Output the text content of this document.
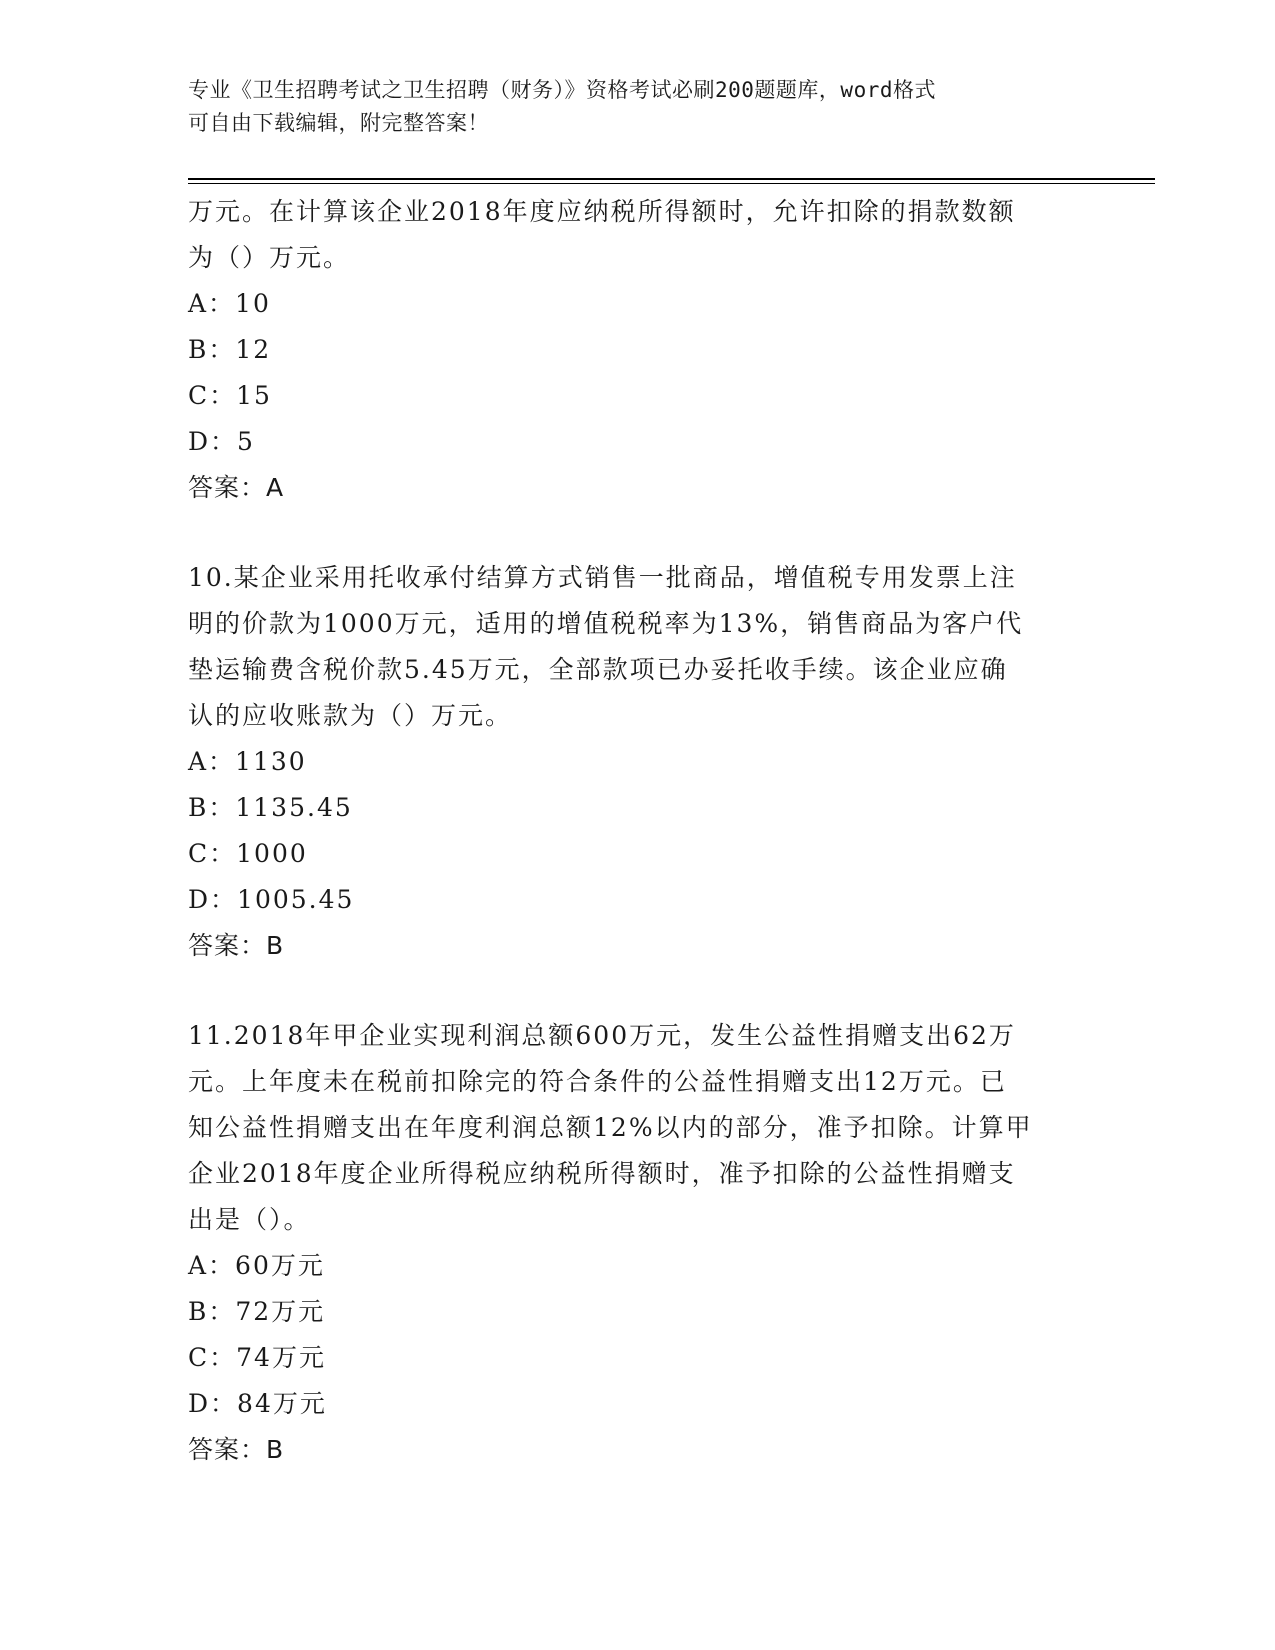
专业《卫生招聘考试之卫生招聘（财务）》资格考试必刷200题题库，word格式
可自由下载编辑，附完整答案！
万元。在计算该企业2018年度应纳税所得额时，允许扣除的捐款数额
为（）万元。
A：10
B：12
C：15
D：5
答案：A
10.某企业采用托收承付结算方式销售一批商品，增值税专用发票上注
明的价款为1000万元，适用的增值税税率为13%，销售商品为客户代
垫运输费含税价款5.45万元，全部款项已办妥托收手续。该企业应确
认的应收账款为（）万元。
A：1130
B：1135.45
C：1000
D：1005.45
答案：B
11.2018年甲企业实现利润总额600万元，发生公益性捐赠支出62万
元。上年度未在税前扣除完的符合条件的公益性捐赠支出12万元。已
知公益性捐赠支出在年度利润总额12%以内的部分，准予扣除。计算甲
企业2018年度企业所得税应纳税所得额时，准予扣除的公益性捐赠支
出是（）。
A：60万元
B：72万元
C：74万元
D：84万元
答案：B
